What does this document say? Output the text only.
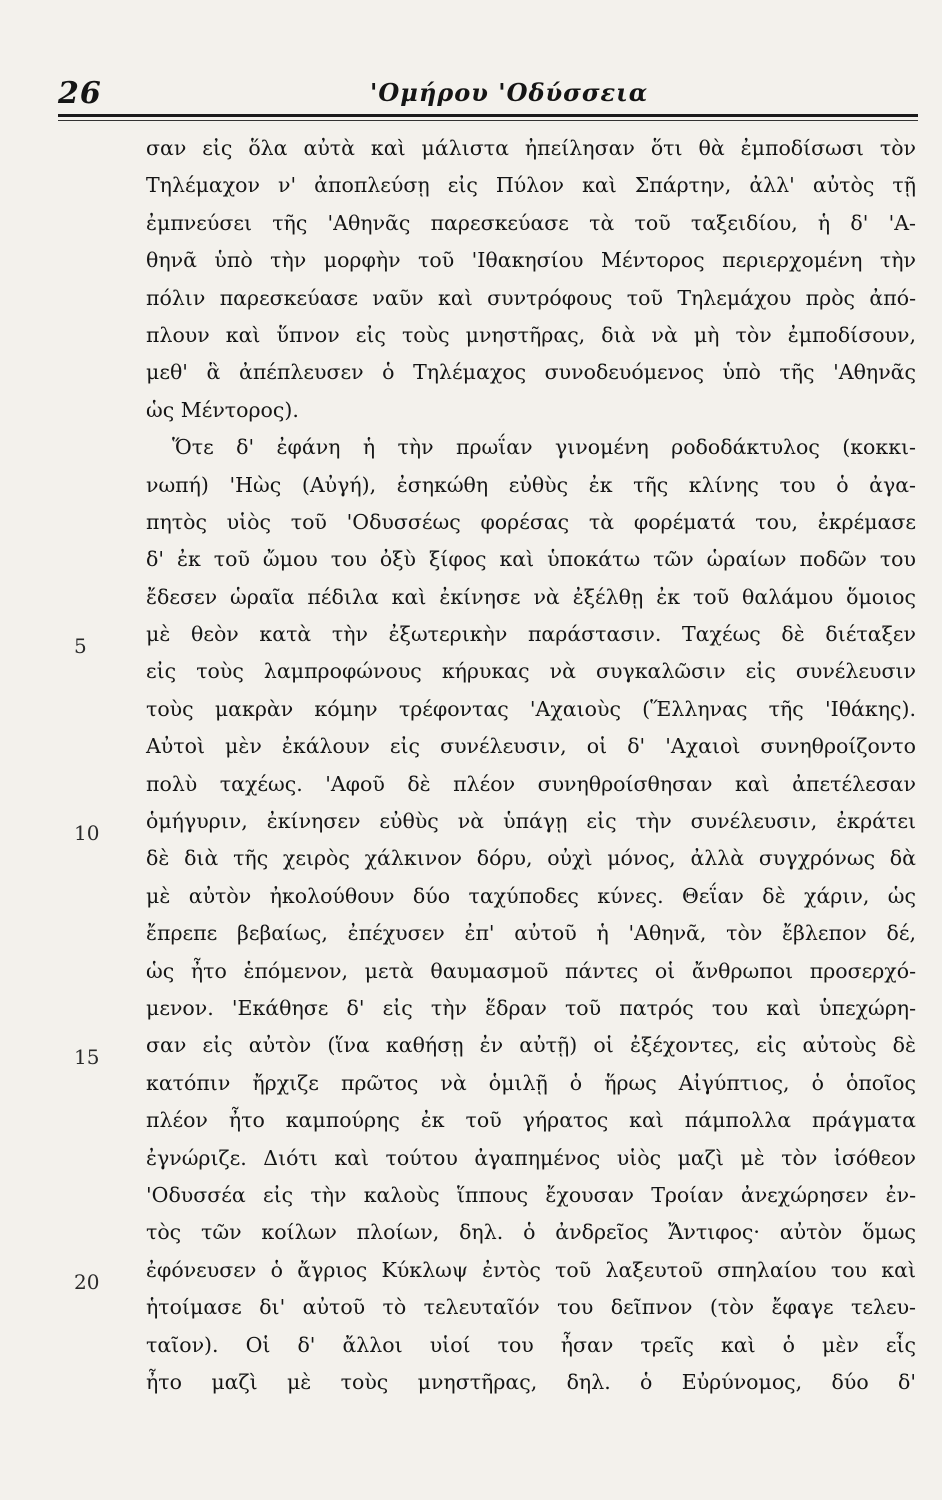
26	'Ομήρου 'Οδύσσεια
5
10
15
20
σαν εἰς ὅλα αὐτὰ καὶ μάλιστα ἠπείλησαν ὅτι θὰ ἐμποδίσωσι τὸν
Τηλέμαχον ν' ἀποπλεύσῃ εἰς Πύλον καὶ Σπάρτην, ἀλλ' αὐτὸς τῇ
ἐμπνεύσει τῆς 'Αθηνᾶς παρεσκεύασε τὰ τοῦ ταξειδίου, ἡ δ' 'Α-
θηνᾶ ὑπὸ τὴν μορφὴν τοῦ 'Ιθακησίου Μέντορος περιερχομένη τὴν
πόλιν παρεσκεύασε ναῦν καὶ συντρόφους τοῦ Τηλεμάχου πρὸς ἀπό-
πλουν καὶ ὕπνον εἰς τοὺς μνηστῆρας, διὰ νὰ μὴ τὸν ἐμποδίσουν,
μεθ' ἃ ἀπέπλευσεν ὁ Τηλέμαχος συνοδευόμενος ὑπὸ τῆς 'Αθηνᾶς
ὡς Μέντορος).
Ὅτε δ' ἐφάνη ἡ τὴν πρωΐαν γινομένη ροδοδάκτυλος (κοκκι-
νωπή) 'Ηὼς (Αὐγή), ἐσηκώθη εὐθὺς ἐκ τῆς κλίνης του ὁ ἀγα-
πητὸς υἱὸς τοῦ 'Οδυσσέως φορέσας τὰ φορέματά του, ἐκρέμασε
δ' ἐκ τοῦ ὤμου του ὀξὺ ξίφος καὶ ὑποκάτω τῶν ὡραίων ποδῶν του
ἔδεσεν ὡραῖα πέδιλα καὶ ἐκίνησε νὰ ἐξέλθῃ ἐκ τοῦ θαλάμου ὅμοιος
μὲ θεὸν κατὰ τὴν ἐξωτερικὴν παράστασιν. Ταχέως δὲ διέταξεν
εἰς τοὺς λαμπροφώνους κήρυκας νὰ συγκαλῶσιν εἰς συνέλευσιν
τοὺς μακρὰν κόμην τρέφοντας 'Αχαιοὺς (Ἕλληνας τῆς 'Ιθάκης).
Αὐτοὶ μὲν ἐκάλουν εἰς συνέλευσιν, οἱ δ' 'Αχαιοὶ συνηθροίζοντο
πολὺ ταχέως. 'Αφοῦ δὲ πλέον συνηθροίσθησαν καὶ ἀπετέλεσαν
ὁμήγυριν, ἐκίνησεν εὐθὺς νὰ ὑπάγῃ εἰς τὴν συνέλευσιν, ἐκράτει
δὲ διὰ τῆς χειρὸς χάλκινον δόρυ, οὐχὶ μόνος, ἀλλὰ συγχρόνως δὰ
μὲ αὐτὸν ἠκολούθουν δύο ταχύποδες κύνες. Θεΐαν δὲ χάριν, ὡς
ἔπρεπε βεβαίως, ἐπέχυσεν ἐπ' αὐτοῦ ἡ 'Αθηνᾶ, τὸν ἔβλεπον δέ,
ὡς ἦτο ἑπόμενον, μετὰ θαυμασμοῦ πάντες οἱ ἄνθρωποι προσερχό-
μενον. 'Εκάθησε δ' εἰς τὴν ἕδραν τοῦ πατρός του καὶ ὑπεχώρη-
σαν εἰς αὐτὸν (ἵνα καθήσῃ ἐν αὐτῇ) οἱ ἐξέχοντες, εἰς αὐτοὺς δὲ
κατόπιν ἤρχιζε πρῶτος νὰ ὁμιλῇ ὁ ἥρως Αἰγύπτιος, ὁ ὁποῖος
πλέον ἦτο καμπούρης ἐκ τοῦ γήρατος καὶ πάμπολλα πράγματα
ἐγνώριζε. Διότι καὶ τούτου ἀγαπημένος υἱὸς μαζὶ μὲ τὸν ἰσόθεον
'Οδυσσέα εἰς τὴν καλοὺς ἵππους ἔχουσαν Τροίαν ἀνεχώρησεν ἐν-
τὸς τῶν κοίλων πλοίων, δηλ. ὁ ἀνδρεῖος Ἄντιφος· αὐτὸν ὅμως
ἐφόνευσεν ὁ ἄγριος Κύκλωψ ἐντὸς τοῦ λαξευτοῦ σπηλαίου του καὶ
ἡτοίμασε δι' αὐτοῦ τὸ τελευταῖόν του δεῖπνον (τὸν ἔφαγε τελευ-
ταῖον). Οἱ δ' ἄλλοι υἱοί του ἦσαν τρεῖς καὶ ὁ μὲν εἷς
ἦτο μαζὶ μὲ τοὺς μνηστῆρας, δηλ. ὁ Εὐρύνομος, δύο δ'
